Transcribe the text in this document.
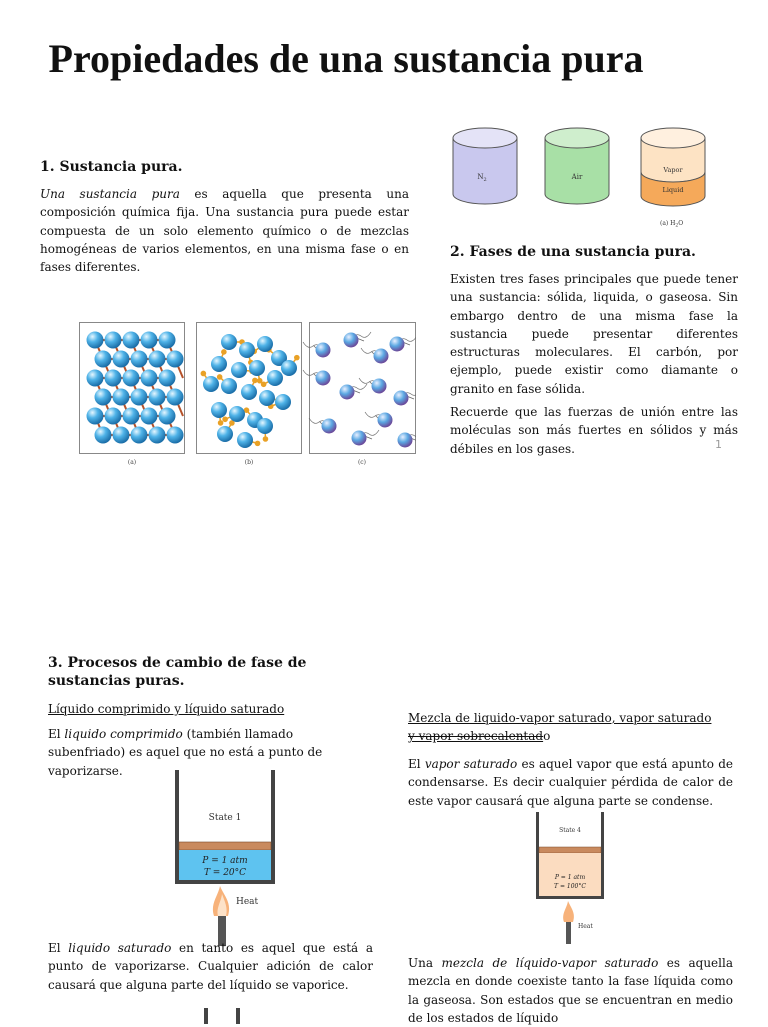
Propiedades de una sustancia pura
1. Sustancia pura.

Una sustancia pura es aquella que presenta una composición química fija. Una sustancia pura puede estar compuesta de un solo elemento químico o de mezclas homogéneas de varios elementos, en una misma fase o en fases diferentes.

$N_2$	Air
Vapor
Liquid
(a) $H_2O$
(a)	(b)	(c)
2. Fases de una sustancia pura.

Existen tres fases principales que puede tener una sustancia: sólida, liquida, o gaseosa. Sin embargo dentro de una misma fase la sustancia puede presentar diferentes estructuras moleculares. El carbón, por ejemplo, puede existir como diamante o granito en fase sólida.

Recuerde que las fuerzas de unión entre las moléculas son más fuertes en sólidos y más débiles en los gases.	1
3. Procesos de cambio de fase de sustancias puras.

Líquido comprimido y líquido saturado

El liquido comprimido (también llamado subenfriado) es aquel que no está a punto de vaporizarse.

State 1
P = 1 atm
T = 20°C
Heat

El liquido saturado en tanto es aquel que está a punto de vaporizarse. Cualquier adición de calor causará que alguna parte del líquido se vaporice.

Mezcla de liquido-vapor saturado, vapor saturado
y vapor sobrecalentado

El vapor saturado es aquel vapor que está apunto de condensarse. Es decir cualquier pérdida de calor de este vapor causará que alguna parte se condense.

State 4
P = 1 atm
T = 100°C
Heat

Una mezcla de líquido-vapor saturado es aquella mezcla en donde coexiste tanto la fase líquida como la gaseosa. Son estados que se encuentran en medio de los estados de líquido
